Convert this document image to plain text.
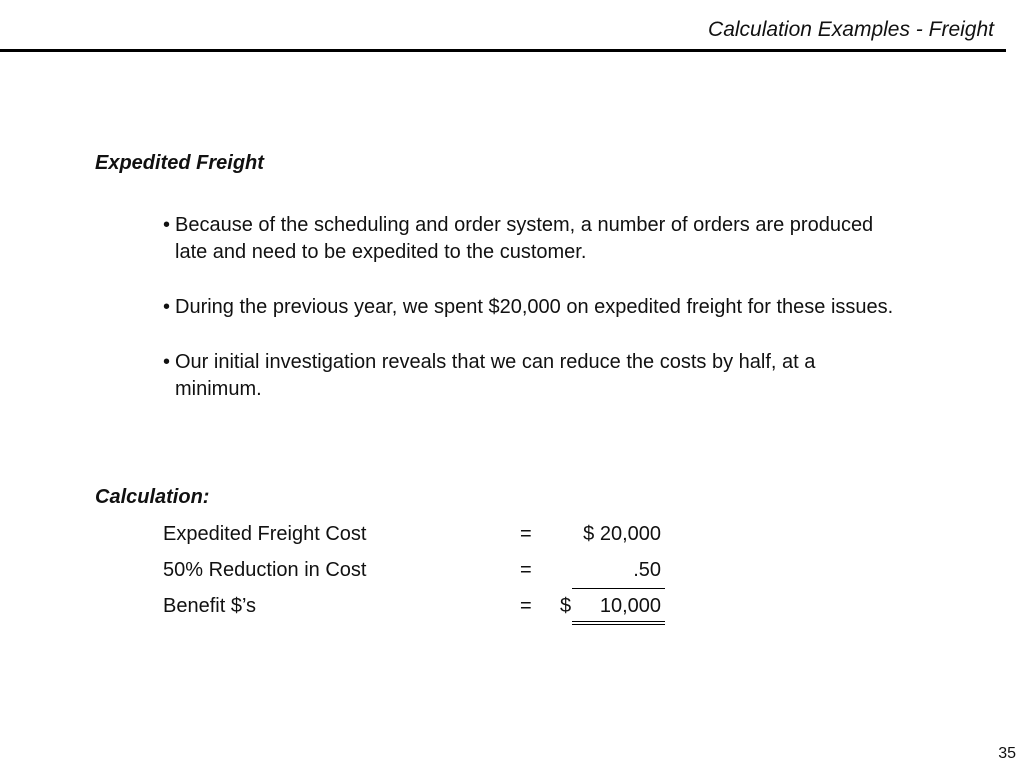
Calculation Examples - Freight
Expedited Freight
• Because of the scheduling and order system, a number of orders are produced late and need to be expedited to the customer.
• During the previous year, we spent $20,000 on expedited freight for these issues.
• Our initial investigation reveals that we can reduce the costs by half, at a minimum.
Calculation:
Expedited Freight Cost	=	$ 20,000
50% Reduction in Cost	=	.50
Benefit $’s	= $ 10,000
35
